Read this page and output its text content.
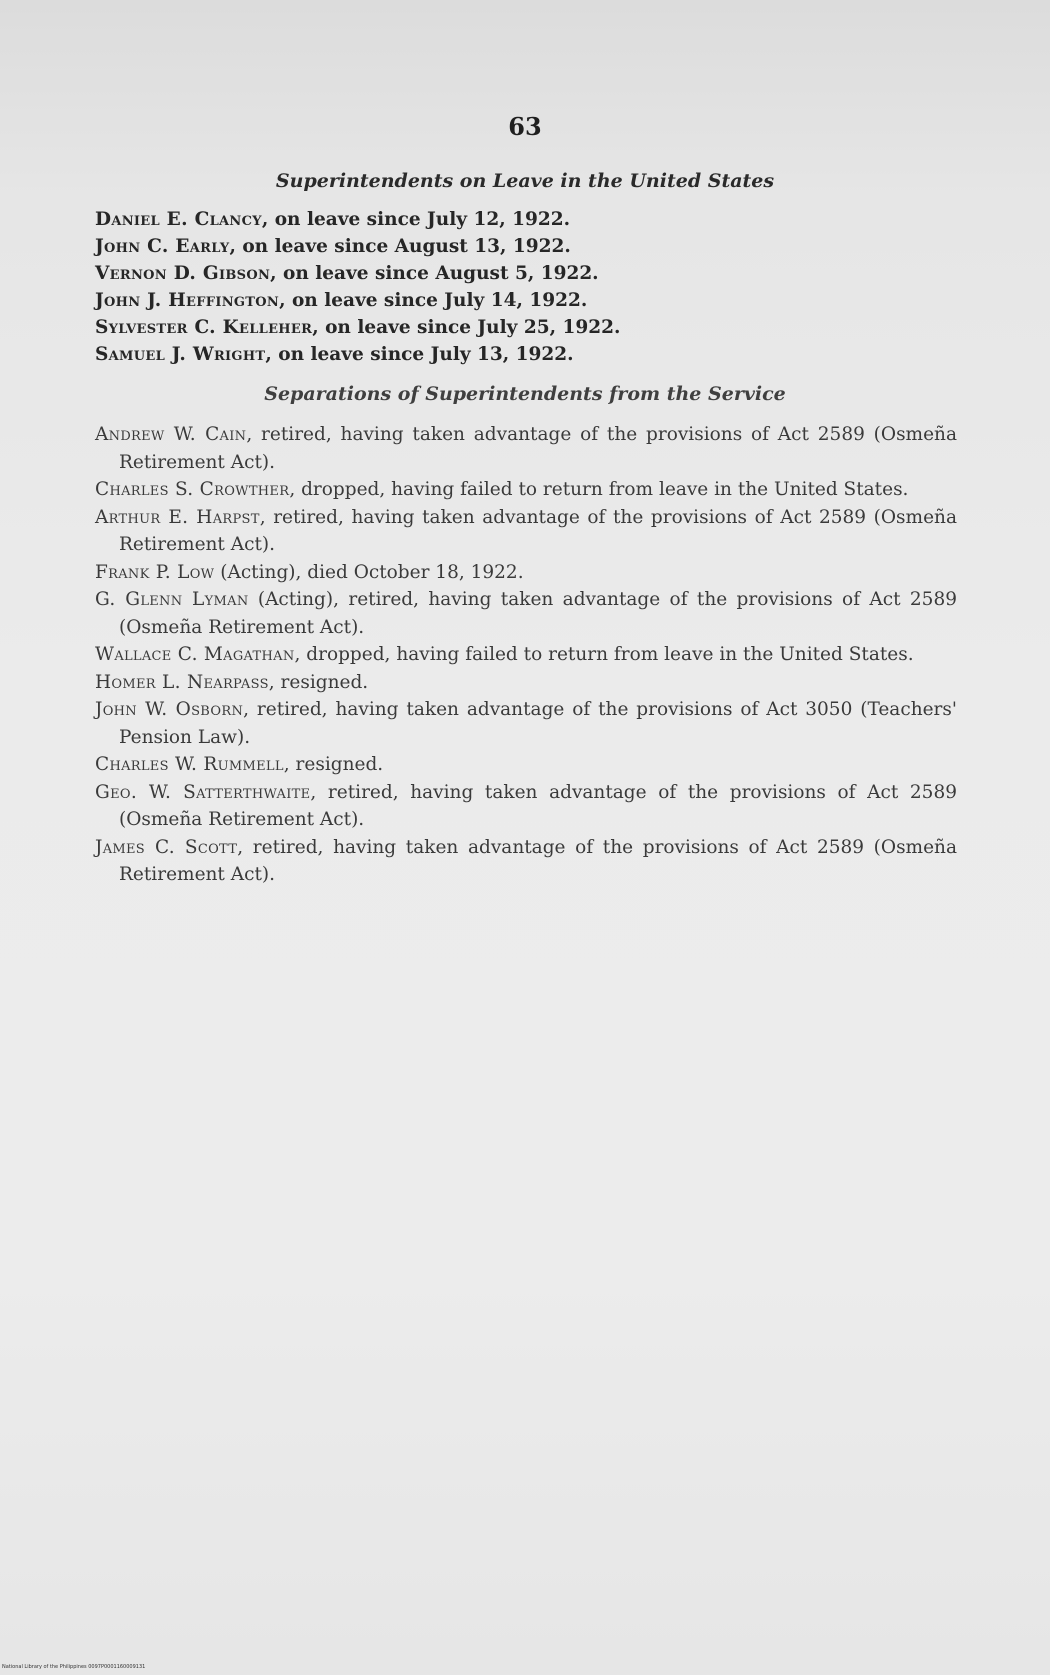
63
Superintendents on Leave in the United States
Daniel E. Clancy, on leave since July 12, 1922.
John C. Early, on leave since August 13, 1922.
Vernon D. Gibson, on leave since August 5, 1922.
John J. Heffington, on leave since July 14, 1922.
Sylvester C. Kelleher, on leave since July 25, 1922.
Samuel J. Wright, on leave since July 13, 1922.
Separations of Superintendents from the Service
Andrew W. Cain, retired, having taken advantage of the provisions of Act 2589 (Osmeña Retirement Act).
Charles S. Crowther, dropped, having failed to return from leave in the United States.
Arthur E. Harpst, retired, having taken advantage of the provisions of Act 2589 (Osmeña Retirement Act).
Frank P. Low (Acting), died October 18, 1922.
G. Glenn Lyman (Acting), retired, having taken advantage of the provisions of Act 2589 (Osmeña Retirement Act).
Wallace C. Magathan, dropped, having failed to return from leave in the United States.
Homer L. Nearpass, resigned.
John W. Osborn, retired, having taken advantage of the provisions of Act 3050 (Teachers' Pension Law).
Charles W. Rummell, resigned.
Geo. W. Satterthwaite, retired, having taken advantage of the provisions of Act 2589 (Osmeña Retirement Act).
James C. Scott, retired, having taken advantage of the provisions of Act 2589 (Osmeña Retirement Act).
National Library of the Philippines 0097P0001160009131
